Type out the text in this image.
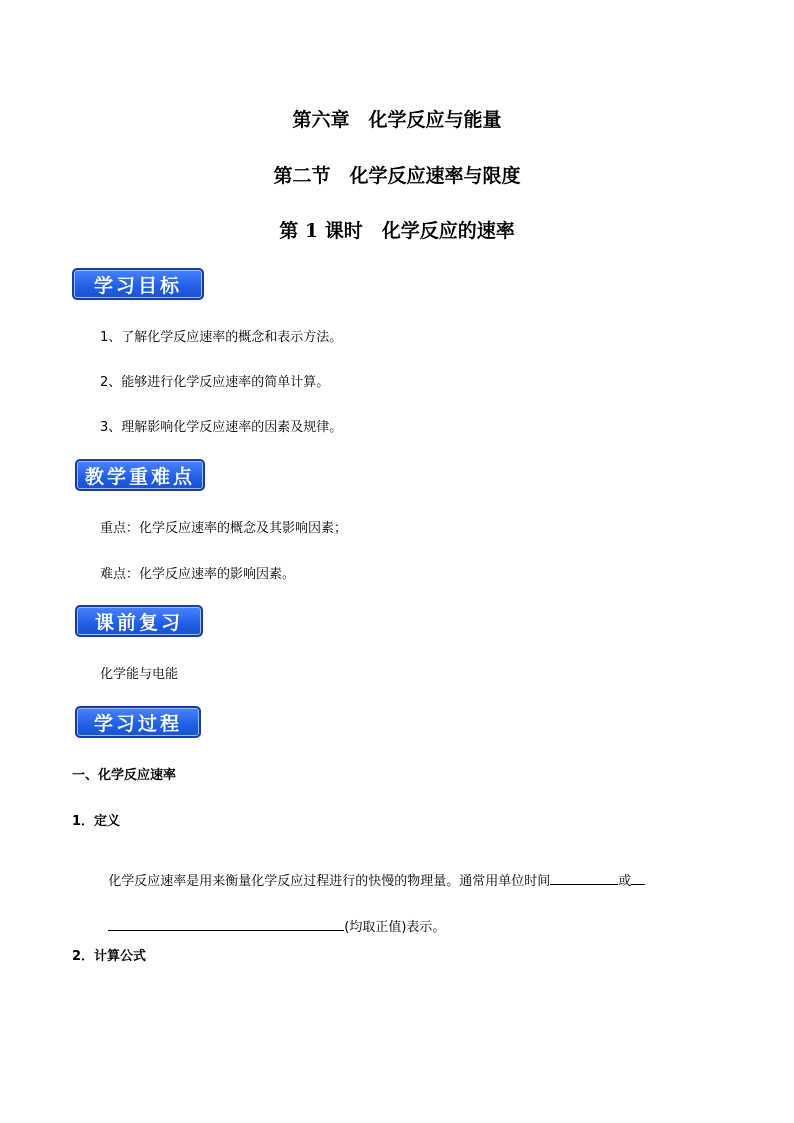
第六章　化学反应与能量
第二节　化学反应速率与限度
第 1 课时　化学反应的速率
学习目标
1、了解化学反应速率的概念和表示方法。
2、能够进行化学反应速率的简单计算。
3、理解影响化学反应速率的因素及规律。
教学重难点
重点：化学反应速率的概念及其影响因素；
难点：化学反应速率的影响因素。
课前复习
化学能与电能
学习过程
一、化学反应速率
1．定义

化学反应速率是用来衡量化学反应过程进行的快慢的物理量。通常用单位时间	或

(均取正值)表示。

2．计算公式
